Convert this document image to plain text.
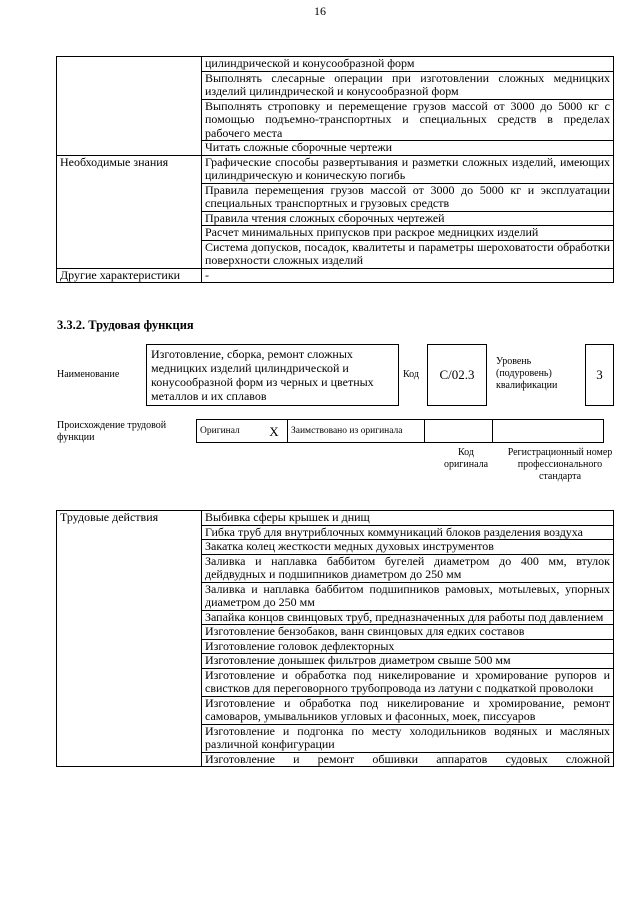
16
	цилиндрической и конусообразной форм
	Выполнять слесарные операции при изготовлении сложных медницких изделий цилиндрической и конусообразной форм
	Выполнять строповку и перемещение грузов массой от 3000 до 5000 кг с помощью подъемно-транспортных и специальных средств в пределах рабочего места
	Читать сложные сборочные чертежи
Необходимые знания	Графические способы развертывания и разметки сложных изделий, имеющих цилиндрическую и коническую погибь
	Правила перемещения грузов массой от 3000 до 5000 кг и эксплуатации специальных транспортных и грузовых средств
	Правила чтения сложных сборочных чертежей
	Расчет минимальных припусков при раскрое медницких изделий
	Система допусков, посадок, квалитеты и параметры шероховатости обработки поверхности сложных изделий
Другие характеристики	-
3.3.2. Трудовая функция
Наименование
Изготовление, сборка, ремонт сложных медницких изделий цилиндрической и конусообразной форм из черных и цветных металлов и их сплавов
Код	С/02.3
Уровень (подуровень) квалификации
3
Происхождение трудовой функции
Оригинал	X	Заимствовано из оригинала		
Код оригинала
Регистрационный номер профессионального стандарта
Трудовые действия	Выбивка сферы крышек и днищ
Гибка труб для внутриблочных коммуникаций блоков разделения воздуха
Закатка колец жесткости медных духовых инструментов
Заливка и наплавка баббитом бугелей диаметром до 400 мм, втулок дейдвудных и подшипников диаметром до 250 мм
Заливка и наплавка баббитом подшипников рамовых, мотылевых, упорных диаметром до 250 мм
Запайка концов свинцовых труб, предназначенных для работы под давлением
Изготовление бензобаков, ванн свинцовых для едких составов
Изготовление головок дефлекторных
Изготовление донышек фильтров диаметром свыше 500 мм
Изготовление и обработка под никелирование и хромирование рупоров и свистков для переговорного трубопровода из латуни с подкаткой проволоки
Изготовление и обработка под никелирование и хромирование, ремонт самоваров, умывальников угловых и фасонных, моек, писсуаров
Изготовление и подгонка по месту холодильников водяных и масляных различной конфигурации
Изготовление и ремонт обшивки аппаратов судовых сложной
